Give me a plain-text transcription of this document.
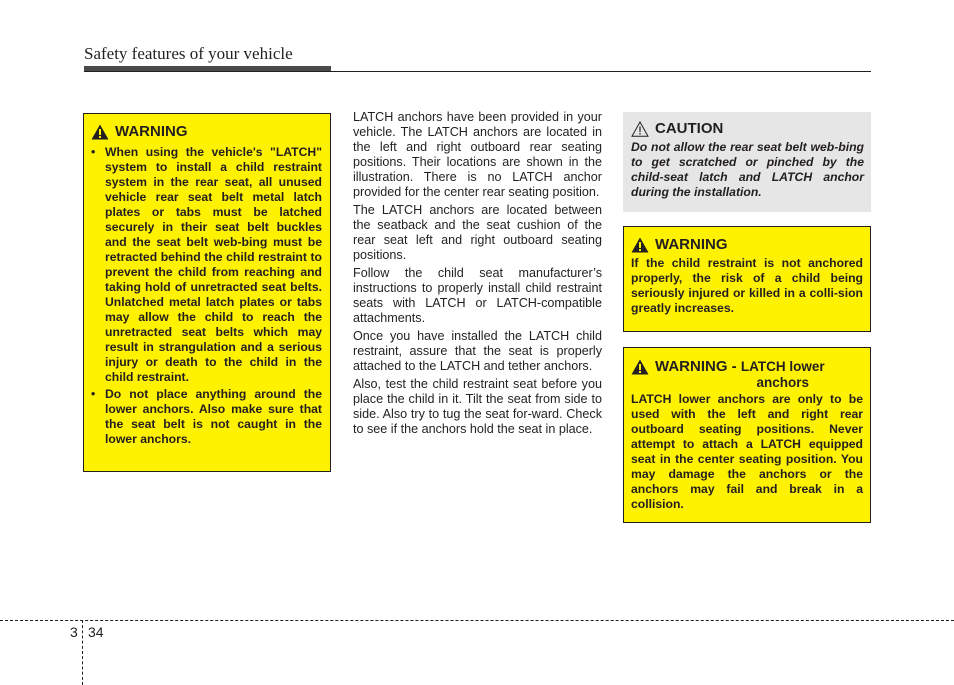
Safety features of your vehicle
WARNING
• When using the vehicle's "LATCH" system to install a child restraint system in the rear seat, all unused vehicle rear seat belt metal latch plates or tabs must be latched securely in their seat belt buckles and the seat belt web-bing must be retracted behind the child restraint to prevent the child from reaching and taking hold of unretracted seat belts. Unlatched metal latch plates or tabs may allow the child to reach the unretracted seat belts which may result in strangulation and a serious injury or death to the child in the child restraint.
• Do not place anything around the lower anchors. Also make sure that the seat belt is not caught in the lower anchors.

LATCH anchors have been provided in your vehicle. The LATCH anchors are located in the left and right outboard rear seating positions. Their locations are shown in the illustration. There is no LATCH anchor provided for the center rear seating position.

The LATCH anchors are located between the seatback and the seat cushion of the rear seat left and right outboard seating positions.

Follow the child seat manufacturer’s instructions to properly install child restraint seats with LATCH or LATCH-compatible attachments.

Once you have installed the LATCH child restraint, assure that the seat is properly attached to the LATCH and tether anchors.

Also, test the child restraint seat before you place the child in it. Tilt the seat from side to side. Also try to tug the seat for-ward. Check to see if the anchors hold the seat in place.

CAUTION
Do not allow the rear seat belt web-bing to get scratched or pinched by the child-seat latch and LATCH anchor during the installation.
WARNING
If the child restraint is not anchored properly, the risk of a child being seriously injured or killed in a colli-sion greatly increases.
WARNING - LATCH lower
anchors
LATCH lower anchors are only to be used with the left and right rear outboard seating positions. Never attempt to attach a LATCH equipped seat in the center seating position. You may damage the anchors or the anchors may fail and break in a collision.
3 34
